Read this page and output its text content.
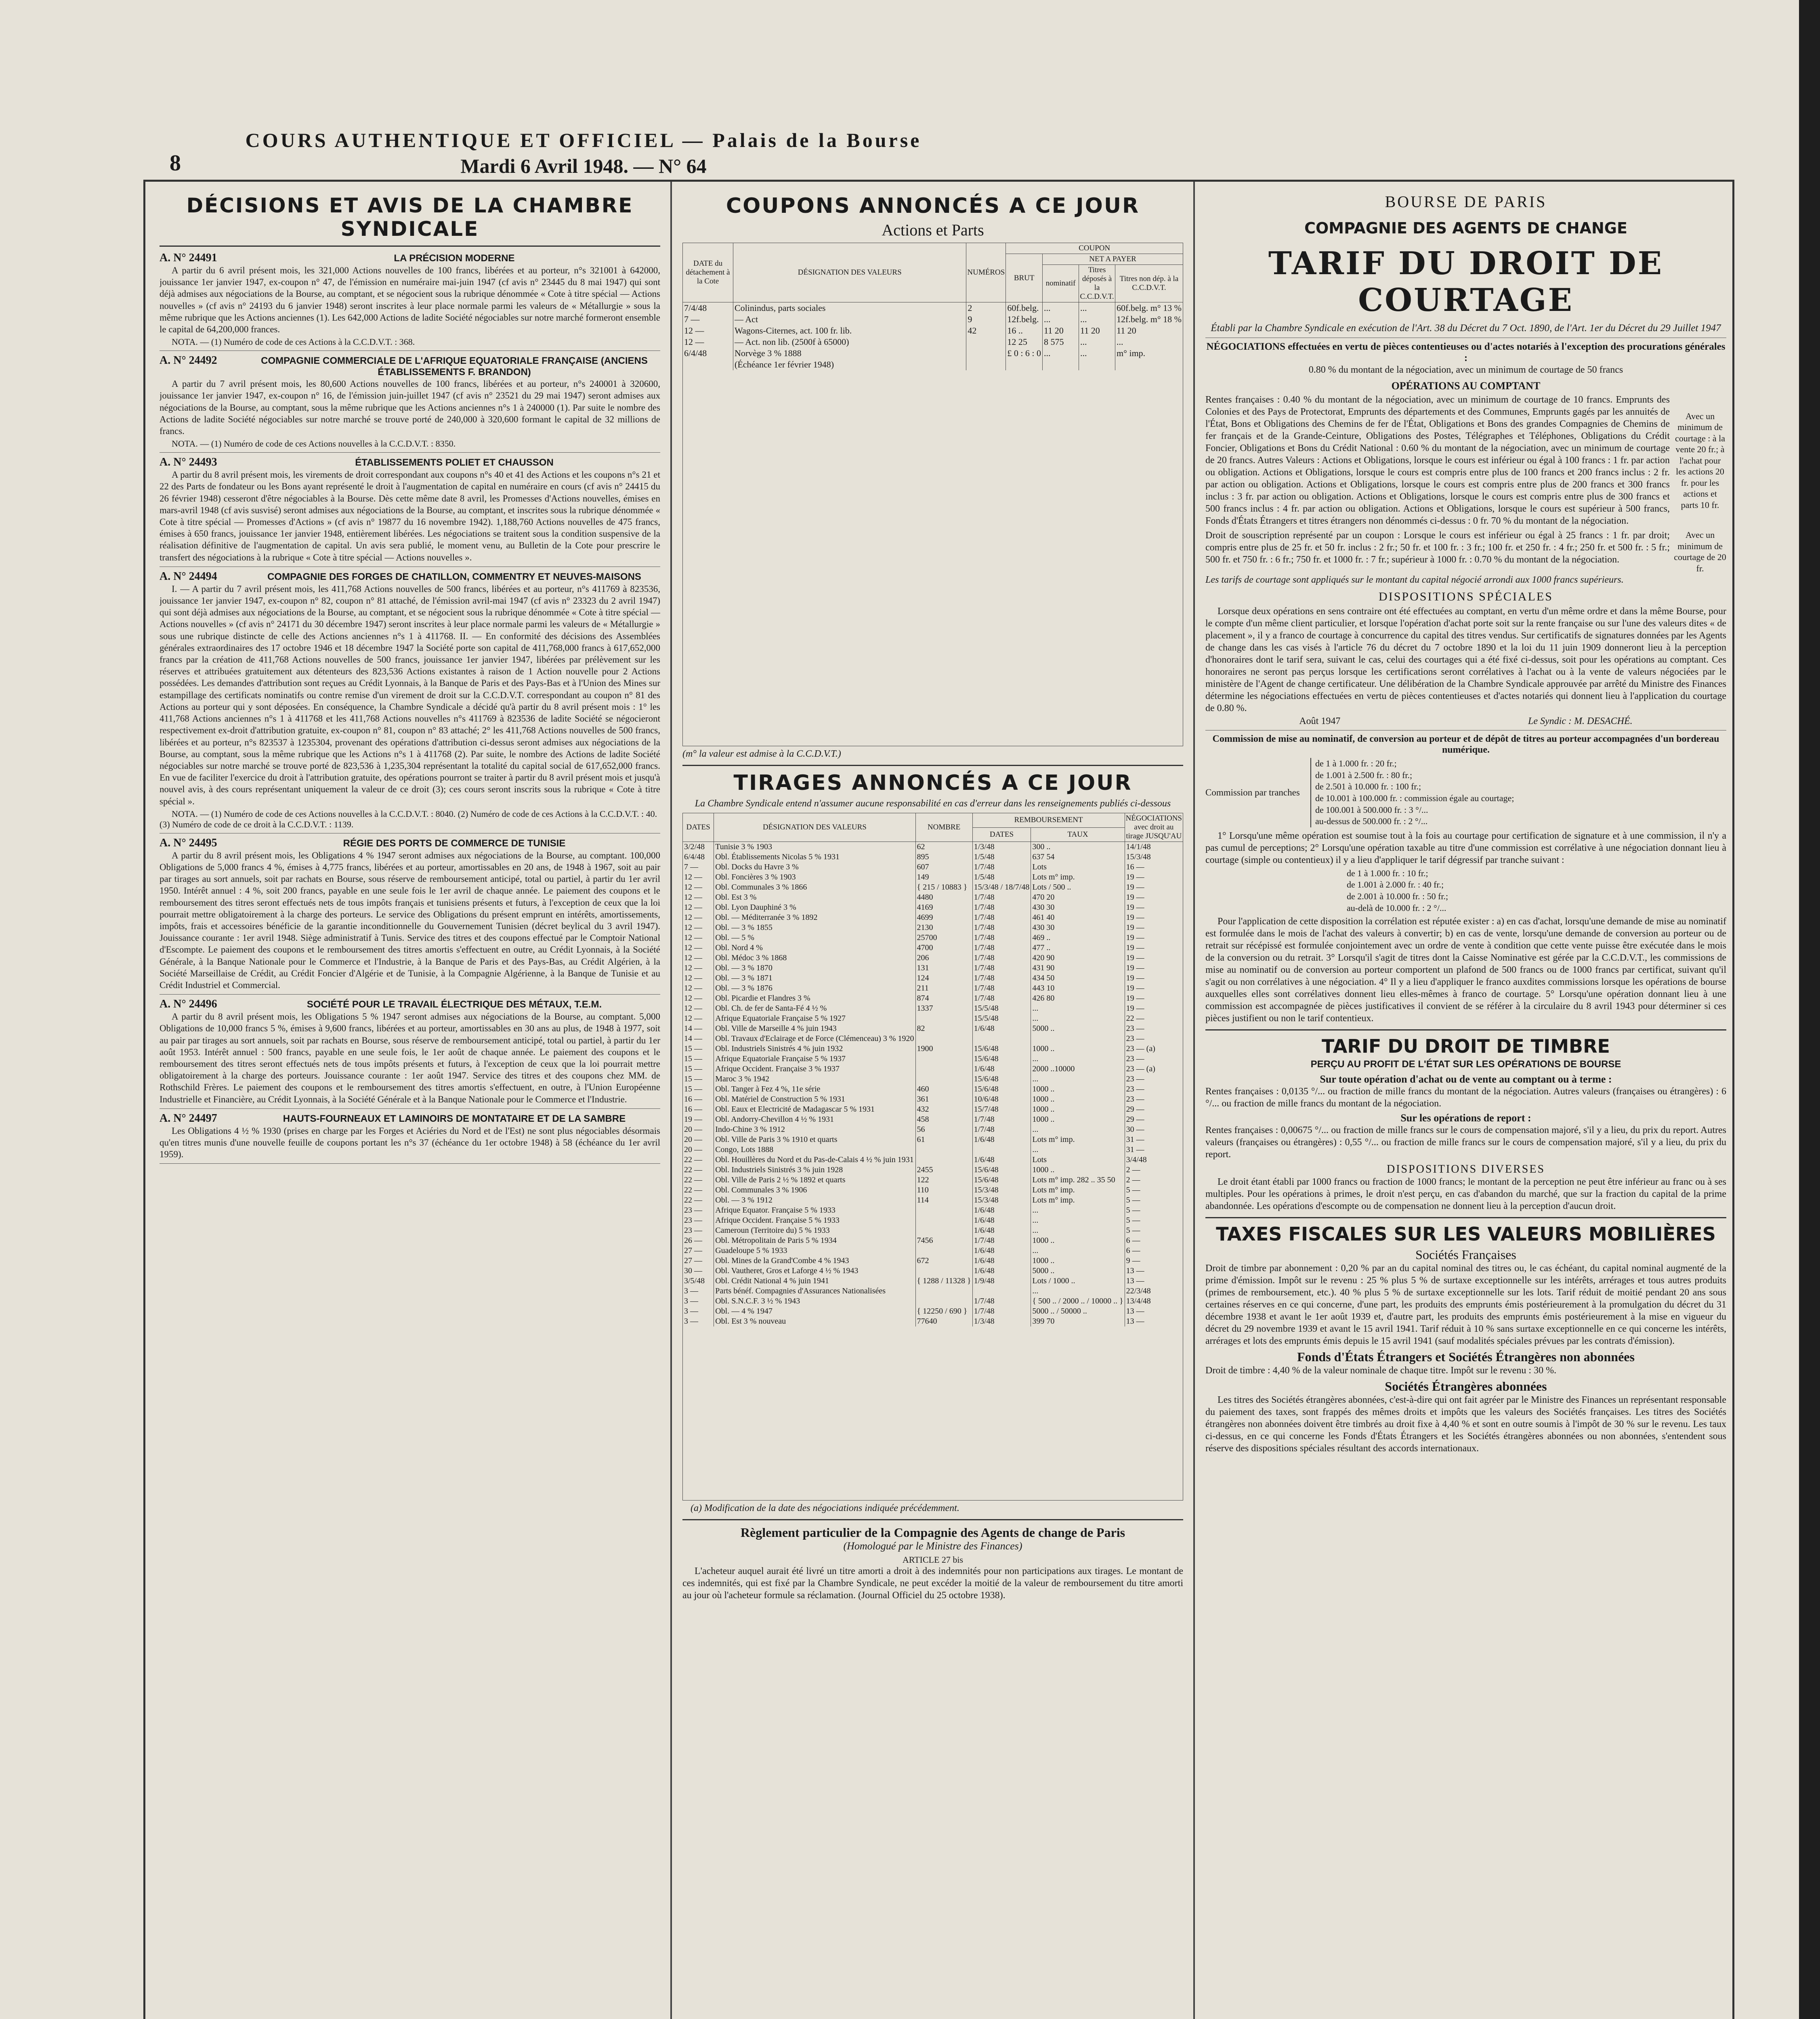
8
COURS AUTHENTIQUE ET OFFICIEL — Palais de la Bourse
Mardi 6 Avril 1948. — N° 64
DÉCISIONS ET AVIS DE LA CHAMBRE SYNDICALE
A. N° 24491	LA PRÉCISION MODERNE

A partir du 6 avril présent mois, les 321,000 Actions nouvelles de 100 francs, libérées et au porteur, n°s 321001 à 642000, jouissance 1er janvier 1947, ex-coupon n° 47, de l'émission en numéraire mai-juin 1947 (cf avis n° 23445 du 8 mai 1947) qui sont déjà admises aux négociations de la Bourse, au comptant, et se négocient sous la rubrique dénommée « Cote à titre spécial — Actions nouvelles » (cf avis n° 24193 du 6 janvier 1948) seront inscrites à leur place normale parmi les valeurs de « Métallurgie » sous la même rubrique que les Actions anciennes (1). Les 642,000 Actions de ladite Société négociables sur notre marché formeront ensemble le capital de 64,200,000 frances.

NOTA. — (1) Numéro de code de ces Actions à la C.C.D.V.T. : 368.
A. N° 24492	COMPAGNIE COMMERCIALE DE L'AFRIQUE EQUATORIALE FRANÇAISE (ANCIENS ÉTABLISSEMENTS F. BRANDON)

A partir du 7 avril présent mois, les 80,600 Actions nouvelles de 100 francs, libérées et au porteur, n°s 240001 à 320600, jouissance 1er janvier 1947, ex-coupon n° 16, de l'émission juin-juillet 1947 (cf avis n° 23521 du 29 mai 1947) seront admises aux négociations de la Bourse, au comptant, sous la même rubrique que les Actions anciennes n°s 1 à 240000 (1). Par suite le nombre des Actions de ladite Société négociables sur notre marché se trouve porté de 240,000 à 320,600 formant le capital de 32 millions de francs.

NOTA. — (1) Numéro de code de ces Actions nouvelles à la C.C.D.V.T. : 8350.
A. N° 24493	ÉTABLISSEMENTS POLIET ET CHAUSSON

A partir du 8 avril présent mois, les virements de droit correspondant aux coupons n°s 40 et 41 des Actions et les coupons n°s 21 et 22 des Parts de fondateur ou les Bons ayant représenté le droit à l'augmentation de capital en numéraire en cours (cf avis n° 24415 du 26 février 1948) cesseront d'être négociables à la Bourse. Dès cette même date 8 avril, les Promesses d'Actions nouvelles, émises en mars-avril 1948 (cf avis susvisé) seront admises aux négociations de la Bourse, au comptant, et inscrites sous la rubrique dénommée « Cote à titre spécial — Promesses d'Actions » (cf avis n° 19877 du 16 novembre 1942). 1,188,760 Actions nouvelles de 475 francs, émises à 650 francs, jouissance 1er janvier 1948, entièrement libérées. Les négociations se traitent sous la condition suspensive de la réalisation définitive de l'augmentation de capital. Un avis sera publié, le moment venu, au Bulletin de la Cote pour prescrire le transfert des négociations à la rubrique « Cote à titre spécial — Actions nouvelles ».

A. N° 24494	COMPAGNIE DES FORGES DE CHATILLON, COMMENTRY ET NEUVES-MAISONS

I. — A partir du 7 avril présent mois, les 411,768 Actions nouvelles de 500 francs, libérées et au porteur, n°s 411769 à 823536, jouissance 1er janvier 1947, ex-coupon n° 82, coupon n° 81 attaché, de l'émission avril-mai 1947 (cf avis n° 23323 du 2 avril 1947) qui sont déjà admises aux négociations de la Bourse, au comptant, et se négocient sous la rubrique dénommée « Cote à titre spécial — Actions nouvelles » (cf avis n° 24171 du 30 décembre 1947) seront inscrites à leur place normale parmi les valeurs de « Métallurgie » sous une rubrique distincte de celle des Actions anciennes n°s 1 à 411768. II. — En conformité des décisions des Assemblées générales extraordinaires des 17 octobre 1946 et 18 décembre 1947 la Société porte son capital de 411,768,000 francs à 617,652,000 francs par la création de 411,768 Actions nouvelles de 500 francs, jouissance 1er janvier 1947, libérées par prélèvement sur les réserves et attribuées gratuitement aux détenteurs des 823,536 Actions existantes à raison de 1 Action nouvelle pour 2 Actions possédées. Les demandes d'attribution sont reçues au Crédit Lyonnais, à la Banque de Paris et des Pays-Bas et à l'Union des Mines sur estampillage des certificats nominatifs ou contre remise d'un virement de droit sur la C.C.D.V.T. correspondant au coupon n° 81 des Actions au porteur qui y sont déposées. En conséquence, la Chambre Syndicale a décidé qu'à partir du 8 avril présent mois : 1° les 411,768 Actions anciennes n°s 1 à 411768 et les 411,768 Actions nouvelles n°s 411769 à 823536 de ladite Société se négocieront respectivement ex-droit d'attribution gratuite, ex-coupon n° 81, coupon n° 83 attaché; 2° les 411,768 Actions nouvelles de 500 francs, libérées et au porteur, n°s 823537 à 1235304, provenant des opérations d'attribution ci-dessus seront admises aux négociations de la Bourse, au comptant, sous la même rubrique que les Actions n°s 1 à 411768 (2). Par suite, le nombre des Actions de ladite Société négociables sur notre marché se trouve porté de 823,536 à 1,235,304 représentant la totalité du capital social de 617,652,000 francs. En vue de faciliter l'exercice du droit à l'attribution gratuite, des opérations pourront se traiter à partir du 8 avril présent mois et jusqu'à nouvel avis, à des cours représentant uniquement la valeur de ce droit (3); ces cours seront inscrits sous la rubrique « Cote à titre spécial ».

NOTA. — (1) Numéro de code de ces Actions nouvelles à la C.C.D.V.T. : 8040. (2) Numéro de code de ces Actions à la C.C.D.V.T. : 40. (3) Numéro de code de ce droit à la C.C.D.V.T. : 1139.
A. N° 24495	RÉGIE DES PORTS DE COMMERCE DE TUNISIE

A partir du 8 avril présent mois, les Obligations 4 % 1947 seront admises aux négociations de la Bourse, au comptant. 100,000 Obligations de 5,000 francs 4 %, émises à 4,775 francs, libérées et au porteur, amortissables en 20 ans, de 1948 à 1967, soit au pair par tirages au sort annuels, soit par rachats en Bourse, sous réserve de remboursement anticipé, total ou partiel, à partir du 1er avril 1950. Intérêt annuel : 4 %, soit 200 francs, payable en une seule fois le 1er avril de chaque année. Le paiement des coupons et le remboursement des titres seront effectués nets de tous impôts français et tunisiens présents et futurs, à l'exception de ceux que la loi pourrait mettre obligatoirement à la charge des porteurs. Le service des Obligations du présent emprunt en intérêts, amortissements, impôts, frais et accessoires bénéficie de la garantie inconditionnelle du Gouvernement Tunisien (décret beylical du 3 avril 1947). Jouissance courante : 1er avril 1948. Siège administratif à Tunis. Service des titres et des coupons effectué par le Comptoir National d'Escompte. Le paiement des coupons et le remboursement des titres amortis s'effectuent en outre, au Crédit Lyonnais, à la Société Générale, à la Banque Nationale pour le Commerce et l'Industrie, à la Banque de Paris et des Pays-Bas, au Crédit Algérien, à la Société Marseillaise de Crédit, au Crédit Foncier d'Algérie et de Tunisie, à la Compagnie Algérienne, à la Banque de Tunisie et au Crédit Industriel et Commercial.

A. N° 24496	SOCIÉTÉ POUR LE TRAVAIL ÉLECTRIQUE DES MÉTAUX, T.E.M.

A partir du 8 avril présent mois, les Obligations 5 % 1947 seront admises aux négociations de la Bourse, au comptant. 5,000 Obligations de 10,000 francs 5 %, émises à 9,600 francs, libérées et au porteur, amortissables en 30 ans au plus, de 1948 à 1977, soit au pair par tirages au sort annuels, soit par rachats en Bourse, sous réserve de remboursement anticipé, total ou partiel, à partir du 1er août 1953. Intérêt annuel : 500 francs, payable en une seule fois, le 1er août de chaque année. Le paiement des coupons et le remboursement des titres seront effectués nets de tous impôts présents et futurs, à l'exception de ceux que la loi pourrait mettre obligatoirement à la charge des porteurs. Jouissance courante : 1er août 1947. Service des titres et des coupons chez MM. de Rothschild Frères. Le paiement des coupons et le remboursement des titres amortis s'effectuent, en outre, à l'Union Européenne Industrielle et Financière, au Crédit Lyonnais, à la Société Générale et à la Banque Nationale pour le Commerce et l'Industrie.

A. N° 24497	HAUTS-FOURNEAUX ET LAMINOIRS DE MONTATAIRE ET DE LA SAMBRE

Les Obligations 4 ½ % 1930 (prises en charge par les Forges et Aciéries du Nord et de l'Est) ne sont plus négociables désormais qu'en titres munis d'une nouvelle feuille de coupons portant les n°s 37 (échéance du 1er octobre 1948) à 58 (échéance du 1er avril 1959).

COUPONS ANNONCÉS A CE JOUR
Actions et Parts
DATE du détachement à la Cote	DÉSIGNATION DES VALEURS	NUMÉROS	COUPON			
			BRUT	NET A PAYER		
				nominatif	Titres déposés à la C.C.D.V.T.	Titres non dép. à la C.C.D.V.T.
7/4/48	Colinindus, parts sociales	2	60f.belg.	...	...	60f.belg. m° 13 %
7 —	— Act	9	12f.belg.	...	...	12f.belg. m° 18 %
12 —	Wagons-Citernes, act. 100 fr. lib.	42	16 ..	11 20	11 20	11 20
12 —	— Act. non lib. (2500f à 65000)		12 25	8 575	...	...
6/4/48	Norvège 3 % 1888		£ 0 : 6 : 0	...	...	m° imp.
	(Échéance 1er février 1948)					
(m° la valeur est admise à la C.C.D.V.T.)
TIRAGES ANNONCÉS A CE JOUR
La Chambre Syndicale entend n'assumer aucune responsabilité en cas d'erreur dans les renseignements publiés ci-dessous
DATES	DÉSIGNATION DES VALEURS	NOMBRE	REMBOURSEMENT		NÉGOCIATIONS avec droit au tirage JUSQU'AU
			DATES	TAUX	
3/2/48	Tunisie 3 % 1903	62	1/3/48	300 ..	14/1/48
6/4/48	Obl. Établissements Nicolas 5 % 1931	895	1/5/48	637 54	15/3/48
7 —	Obl. Docks du Havre 3 %	607	1/7/48	Lots	16 —
12 —	Obl. Foncières 3 % 1903	149	1/5/48	Lots m° imp.	19 —
12 —	Obl. Communales 3 % 1866	{ 215 / 10883 }	15/3/48 / 18/7/48	Lots / 500 ..	19 —
12 —	Obl. Est 3 %	4480	1/7/48	470 20	19 —
12 —	Obl. Lyon Dauphiné 3 %	4169	1/7/48	430 30	19 —
12 —	Obl. — Méditerranée 3 % 1892	4699	1/7/48	461 40	19 —
12 —	Obl. — 3 % 1855	2130	1/7/48	430 30	19 —
12 —	Obl. — 5 %	25700	1/7/48	469 ..	19 —
12 —	Obl. Nord 4 %	4700	1/7/48	477 ..	19 —
12 —	Obl. Médoc 3 % 1868	206	1/7/48	420 90	19 —
12 —	Obl. — 3 % 1870	131	1/7/48	431 90	19 —
12 —	Obl. — 3 % 1871	124	1/7/48	434 50	19 —
12 —	Obl. — 3 % 1876	211	1/7/48	443 10	19 —
12 —	Obl. Picardie et Flandres 3 %	874	1/7/48	426 80	19 —
12 —	Obl. Ch. de fer de Santa-Fé 4 ½ %	1337	15/5/48	...	19 —
12 —	Afrique Equatoriale Française 5 % 1927		15/5/48	...	22 —
14 —	Obl. Ville de Marseille 4 % juin 1943	82	1/6/48	5000 ..	23 —
14 —	Obl. Travaux d'Eclairage et de Force (Clémenceau) 3 % 1920				23 —
15 —	Obl. Industriels Sinistrés 4 % juin 1932	1900	15/6/48	1000 ..	23 — (a)
15 —	Afrique Equatoriale Française 5 % 1937		15/6/48	...	23 —
15 —	Afrique Occident. Française 3 % 1937		1/6/48	2000 ..10000	23 — (a)
15 —	Maroc 3 % 1942		15/6/48	...	23 —
15 —	Obl. Tanger à Fez 4 %, 11e série	460	15/6/48	1000 ..	23 —
16 —	Obl. Matériel de Construction 5 % 1931	361	10/6/48	1000 ..	23 —
16 —	Obl. Eaux et Electricité de Madagascar 5 % 1931	432	15/7/48	1000 ..	29 —
19 —	Obl. Andorry-Chevillon 4 ½ % 1931	458	1/7/48	1000 ..	29 —
20 —	Indo-Chine 3 % 1912	56	1/7/48	...	30 —
20 —	Obl. Ville de Paris 3 % 1910 et quarts	61	1/6/48	Lots m° imp.	31 —
20 —	Congo, Lots 1888			...	31 —
22 —	Obl. Houillères du Nord et du Pas-de-Calais 4 ½ % juin 1931		1/6/48	Lots	3/4/48
22 —	Obl. Industriels Sinistrés 3 % juin 1928	2455	15/6/48	1000 ..	2 —
22 —	Obl. Ville de Paris 2 ½ % 1892 et quarts	122	15/6/48	Lots m° imp. 282 .. 35 50	2 —
22 —	Obl. Communales 3 % 1906	110	15/3/48	Lots m° imp.	5 —
22 —	Obl. — 3 % 1912	114	15/3/48	Lots m° imp.	5 —
23 —	Afrique Equator. Française 5 % 1933		1/6/48	...	5 —
23 —	Afrique Occident. Française 5 % 1933		1/6/48	...	5 —
23 —	Cameroun (Territoire du) 5 % 1933		1/6/48	...	5 —
26 —	Obl. Métropolitain de Paris 5 % 1934	7456	1/7/48	1000 ..	6 —
27 —	Guadeloupe 5 % 1933		1/6/48	...	6 —
27 —	Obl. Mines de la Grand'Combe 4 % 1943	672	1/6/48	1000 ..	9 —
30 —	Obl. Vautheret, Gros et Laforge 4 ½ % 1943		1/6/48	5000 ..	13 —
3/5/48	Obl. Crédit National 4 % juin 1941	{ 1288 / 11328 }	1/9/48	Lots / 1000 ..	13 —
3 —	Parts bénéf. Compagnies d'Assurances Nationalisées			...	22/3/48
3 —	Obl. S.N.C.F. 3 ½ % 1943		1/7/48	{ 500 .. / 2000 .. / 10000 .. }	13/4/48
3 —	Obl. — 4 % 1947	{ 12250 / 690 }	1/7/48	5000 .. / 50000 ..	13 —
3 —	Obl. Est 3 % nouveau	77640	1/3/48	399 70	13 —
(a) Modification de la date des négociations indiquée précédemment.
Règlement particulier de la Compagnie des Agents de change de Paris
(Homologué par le Ministre des Finances)
ARTICLE 27 bis
L'acheteur auquel aurait été livré un titre amorti a droit à des indemnités pour non participations aux tirages. Le montant de ces indemnités, qui est fixé par la Chambre Syndicale, ne peut excéder la moitié de la valeur de remboursement du titre amorti au jour où l'acheteur formule sa réclamation. (Journal Officiel du 25 octobre 1938).
BOURSE DE PARIS
COMPAGNIE DES AGENTS DE CHANGE
TARIF DU DROIT DE COURTAGE
Établi par la Chambre Syndicale en exécution de l'Art. 38 du Décret du 7 Oct. 1890, de l'Art. 1er du Décret du 29 Juillet 1947
NÉGOCIATIONS effectuées en vertu de pièces contentieuses ou d'actes notariés à l'exception des procurations générales :
0.80 % du montant de la négociation, avec un minimum de courtage de 50 francs
OPÉRATIONS AU COMPTANT
Rentes françaises : 0.40 % du montant de la négociation, avec un minimum de courtage de 10 francs. Emprunts des Colonies et des Pays de Protectorat, Emprunts des départements et des Communes, Emprunts gagés par les annuités de l'État, Bons et Obligations des Chemins de fer de l'État, Obligations et Bons des grandes Compagnies de Chemins de fer français et de la Grande-Ceinture, Obligations des Postes, Télégraphes et Téléphones, Obligations du Crédit Foncier, Obligations et Bons du Crédit National : 0.60 % du montant de la négociation, avec un minimum de courtage de 20 francs. Autres Valeurs : Actions et Obligations, lorsque le cours est inférieur ou égal à 100 francs : 1 fr. par action ou obligation. Actions et Obligations, lorsque le cours est compris entre plus de 100 francs et 200 francs inclus : 2 fr. par action ou obligation. Actions et Obligations, lorsque le cours est compris entre plus de 200 francs et 300 francs inclus : 3 fr. par action ou obligation. Actions et Obligations, lorsque le cours est compris entre plus de 300 francs et 500 francs inclus : 4 fr. par action ou obligation. Actions et Obligations, lorsque le cours est supérieur à 500 francs, Fonds d'États Étrangers et titres étrangers non dénommés ci-dessus : 0 fr. 70 % du montant de la négociation.
Avec un minimum de courtage : à la vente 20 fr.; à l'achat pour les actions 20 fr. pour les actions et parts 10 fr.
Droit de souscription représenté par un coupon : Lorsque le cours est inférieur ou égal à 25 francs : 1 fr. par droit; compris entre plus de 25 fr. et 50 fr. inclus : 2 fr.; 50 fr. et 100 fr. : 3 fr.; 100 fr. et 250 fr. : 4 fr.; 250 fr. et 500 fr. : 5 fr.; 500 fr. et 750 fr. : 6 fr.; 750 fr. et 1000 fr. : 7 fr.; supérieur à 1000 fr. : 0.70 % du montant de la négociation.
Avec un minimum de courtage de 20 fr.
Les tarifs de courtage sont appliqués sur le montant du capital négocié arrondi aux 1000 francs supérieurs.
DISPOSITIONS SPÉCIALES
Lorsque deux opérations en sens contraire ont été effectuées au comptant, en vertu d'un même ordre et dans la même Bourse, pour le compte d'un même client particulier, et lorsque l'opération d'achat porte soit sur la rente française ou sur l'une des valeurs dites « de placement », il y a franco de courtage à concurrence du capital des titres vendus. Sur certificatifs de signatures données par les Agents de change dans les cas visés à l'article 76 du décret du 7 octobre 1890 et la loi du 11 juin 1909 donneront lieu à la perception d'honoraires dont le tarif sera, suivant le cas, celui des courtages qui a été fixé ci-dessus, soit pour les opérations au comptant. Ces honoraires ne seront pas perçus lorsque les certifications seront corrélatives à l'achat ou à la vente de valeurs négociées par le ministère de l'Agent de change certificateur. Une délibération de la Chambre Syndicale approuvée par arrêté du Ministre des Finances détermine les négociations effectuées en vertu de pièces contentieuses et d'actes notariés qui donnent lieu à l'application du courtage de 0.80 %.
Août 1947	Le Syndic : M. DESACHÉ.
Commission de mise au nominatif, de conversion au porteur et de dépôt de titres au porteur accompagnées d'un bordereau numérique.
Commission par tranches
de 1 à 1.000 fr. : 20 fr.;
de 1.001 à 2.500 fr. : 80 fr.;
de 2.501 à 10.000 fr. : 100 fr.;
de 10.001 à 100.000 fr. : commission égale au courtage;
de 100.001 à 500.000 fr. : 3 °/...
au-dessus de 500.000 fr. : 2 °/...
1° Lorsqu'une même opération est soumise tout à la fois au courtage pour certification de signature et à une commission, il n'y a pas cumul de perceptions; 2° Lorsqu'une opération taxable au titre d'une commission est corrélative à une négociation donnant lieu à courtage (simple ou contentieux) il y a lieu d'appliquer le tarif dégressif par tranche suivant :
de 1 à 1.000 fr. : 10 fr.;
de 1.001 à 2.000 fr. : 40 fr.;
de 2.001 à 10.000 fr. : 50 fr.;
au-delà de 10.000 fr. : 2 °/...
Pour l'application de cette disposition la corrélation est réputée exister : a) en cas d'achat, lorsqu'une demande de mise au nominatif est formulée dans le mois de l'achat des valeurs à convertir; b) en cas de vente, lorsqu'une demande de conversion au porteur ou de retrait sur récépissé est formulée conjointement avec un ordre de vente à condition que cette vente puisse être exécutée dans le mois de la conversion ou du retrait. 3° Lorsqu'il s'agit de titres dont la Caisse Nominative est gérée par la C.C.D.V.T., les commissions de mise au nominatif ou de conversion au porteur comportent un plafond de 500 francs ou de 1000 francs par certificat, suivant qu'il s'agit ou non corrélatives à une négociation. 4° Il y a lieu d'appliquer le franco auxdites commissions lorsque les opérations de bourse auxquelles elles sont corrélatives donnent lieu elles-mêmes à franco de courtage. 5° Lorsqu'une opération donnant lieu à une commission est accompagnée de pièces justificatives il convient de se référer à la circulaire du 8 avril 1943 pour déterminer si ces pièces justifient ou non le tarif contentieux.
TARIF DU DROIT DE TIMBRE
PERÇU AU PROFIT DE L'ÉTAT SUR LES OPÉRATIONS DE BOURSE
Sur toute opération d'achat ou de vente au comptant ou à terme :
Rentes françaises : 0,0135 °/... ou fraction de mille francs du montant de la négociation. Autres valeurs (françaises ou étrangères) : 6 °/... ou fraction de mille francs du montant de la négociation.
Sur les opérations de report :
Rentes françaises : 0,00675 °/... ou fraction de mille francs sur le cours de compensation majoré, s'il y a lieu, du prix du report. Autres valeurs (françaises ou étrangères) : 0,55 °/... ou fraction de mille francs sur le cours de compensation majoré, s'il y a lieu, du prix du report.
DISPOSITIONS DIVERSES
Le droit étant établi par 1000 francs ou fraction de 1000 francs; le montant de la perception ne peut être inférieur au franc ou à ses multiples. Pour les opérations à primes, le droit n'est perçu, en cas d'abandon du marché, que sur la fraction du capital de la prime abandonnée. Les opérations d'escompte ou de compensation ne donnent lieu à la perception d'aucun droit.
TAXES FISCALES SUR LES VALEURS MOBILIÈRES
Sociétés Françaises
Droit de timbre par abonnement : 0,20 % par an du capital nominal des titres ou, le cas échéant, du capital nominal augmenté de la prime d'émission. Impôt sur le revenu : 25 % plus 5 % de surtaxe exceptionnelle sur les intérêts, arrérages et tous autres produits (primes de remboursement, etc.). 40 % plus 5 % de surtaxe exceptionnelle sur les lots. Tarif réduit de moitié pendant 20 ans sous certaines réserves en ce qui concerne, d'une part, les produits des emprunts émis postérieurement à la promulgation du décret du 31 décembre 1938 et avant le 1er août 1939 et, d'autre part, les produits des emprunts émis postérieurement à la mise en vigueur du décret du 29 novembre 1939 et avant le 15 avril 1941. Tarif réduit à 10 % sans surtaxe exceptionnelle en ce qui concerne les intérêts, arrérages et lots des emprunts émis depuis le 15 avril 1941 (sauf modalités spéciales prévues par les contrats d'émission).
Fonds d'États Étrangers et Sociétés Étrangères non abonnées
Droit de timbre : 4,40 % de la valeur nominale de chaque titre. Impôt sur le revenu : 30 %.
Sociétés Étrangères abonnées
Les titres des Sociétés étrangères abonnées, c'est-à-dire qui ont fait agréer par le Ministre des Finances un représentant responsable du paiement des taxes, sont frappés des mêmes droits et impôts que les valeurs des Sociétés françaises. Les titres des Sociétés étrangères non abonnées doivent être timbrés au droit fixe à 4,40 % et sont en outre soumis à l'impôt de 30 % sur le revenu. Les taux ci-dessus, en ce qui concerne les Fonds d'États Étrangers et les Sociétés étrangères abonnées ou non abonnées, s'entendent sous réserve des dispositions spéciales résultant des accords internationaux.
